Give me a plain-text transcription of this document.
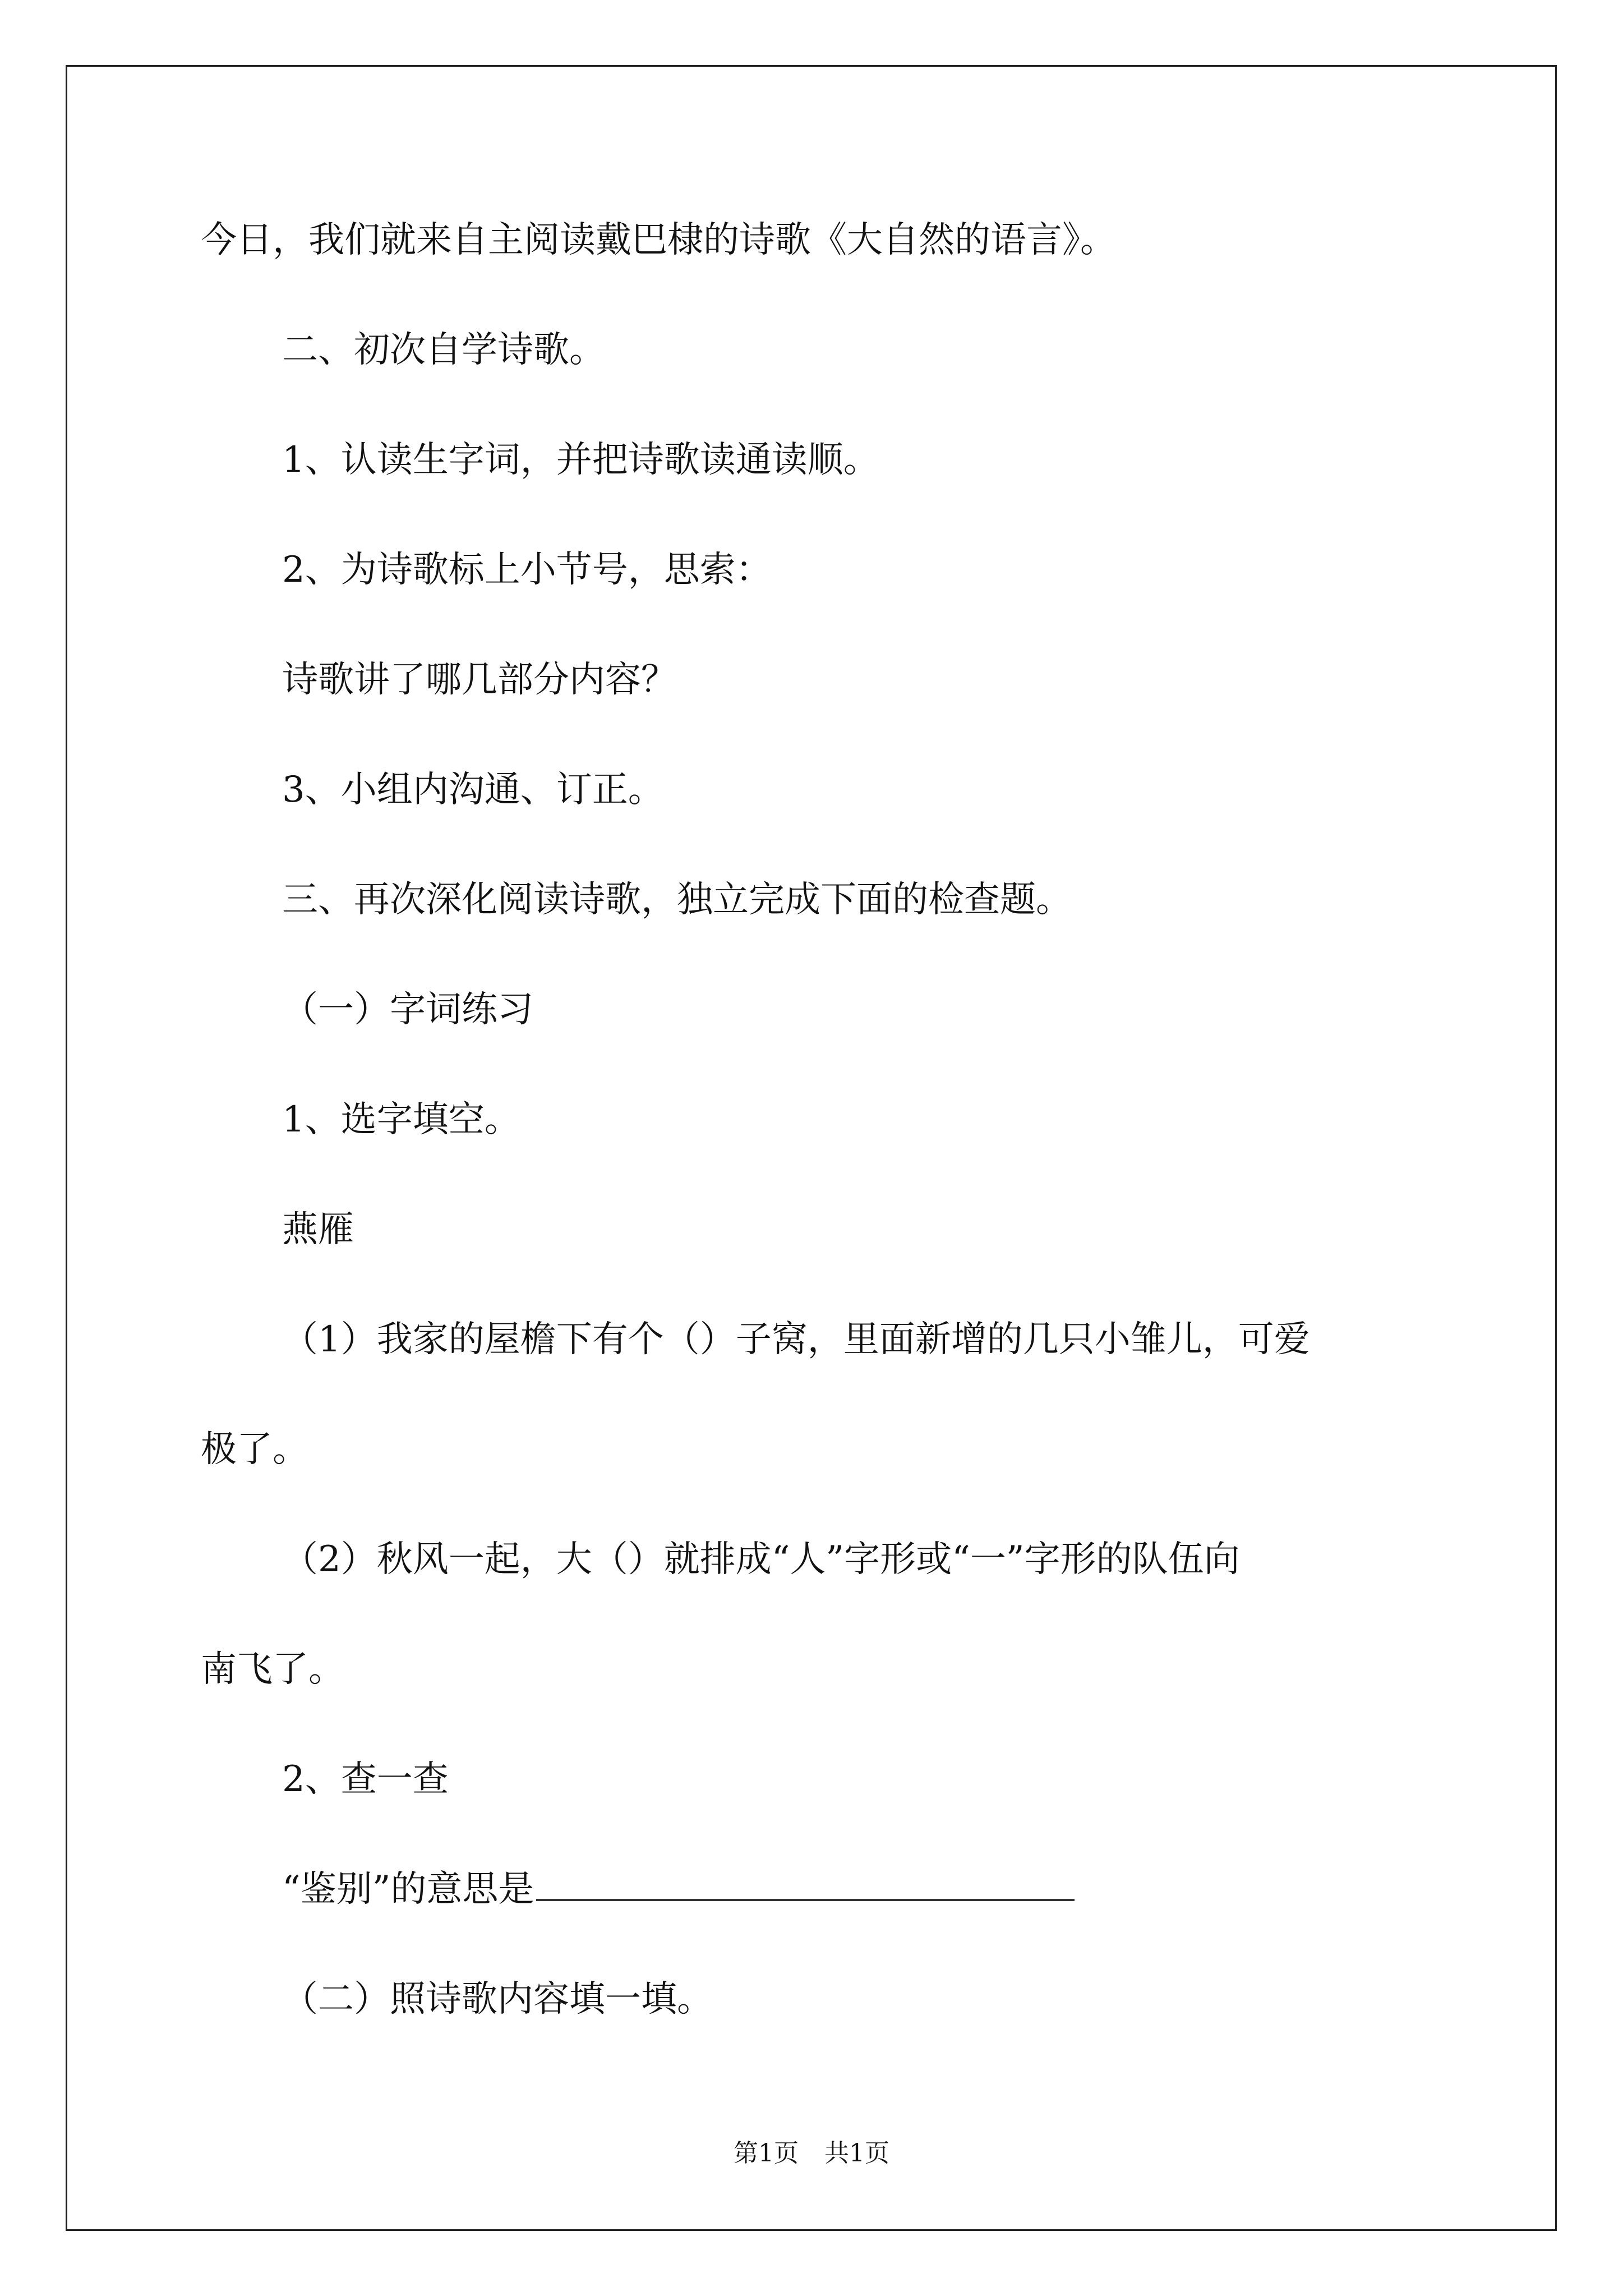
今日，我们就来自主阅读戴巴棣的诗歌《大自然的语言》。
二、初次自学诗歌。
1、认读生字词，并把诗歌读通读顺。
2、为诗歌标上小节号，思索：
诗歌讲了哪几部分内容？
3、小组内沟通、订正。
三、再次深化阅读诗歌，独立完成下面的检查题。
（一）字词练习
1、选字填空。
燕雁
（1）我家的屋檐下有个（）子窝，里面新增的几只小雏儿，可爱
极了。
（2）秋风一起，大（）就排成“人”字形或“一”字形的队伍向
南飞了。
2、查一查
“鉴别”的意思是
（二）照诗歌内容填一填。
第1页 共1页
